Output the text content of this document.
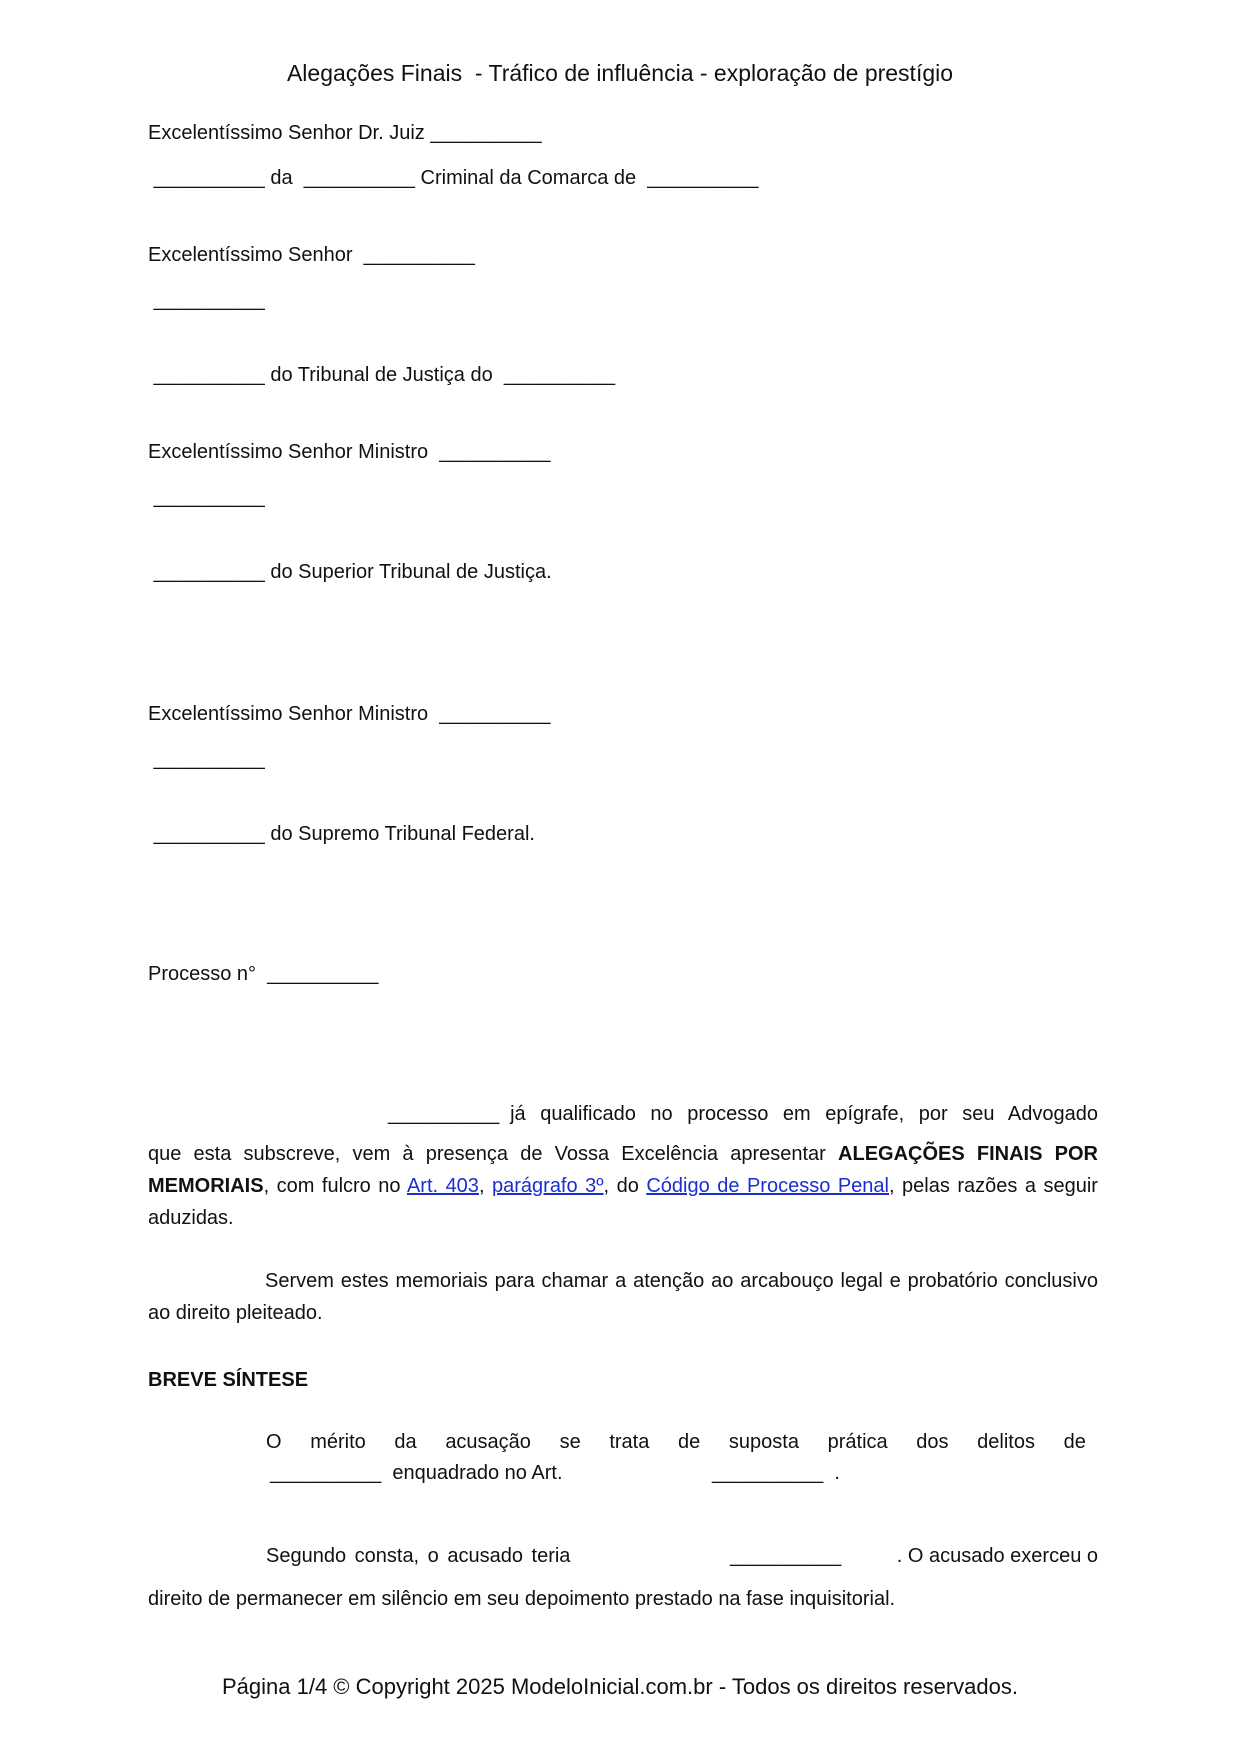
Alegações Finais  - Tráfico de influência - exploração de prestígio
Excelentíssimo Senhor Dr. Juiz __________
__________ da __________ Criminal da Comarca de __________
Excelentíssimo Senhor __________
__________
__________ do Tribunal de Justiça do __________
Excelentíssimo Senhor Ministro __________
__________
__________ do Superior Tribunal de Justiça.
Excelentíssimo Senhor Ministro __________
__________
__________ do Supremo Tribunal Federal.
Processo n° __________
__________ já qualificado no processo em epígrafe, por seu Advogado
que esta subscreve, vem à presença de Vossa Excelência apresentar ALEGAÇÕES FINAIS POR MEMORIAIS, com fulcro no Art. 403, parágrafo 3º, do Código de Processo Penal, pelas razões a seguir aduzidas.
Servem estes memoriais para chamar a atenção ao arcabouço legal e probatório conclusivo ao direito pleiteado.
BREVE SÍNTESE
O mérito da acusação se trata de suposta prática dos delitos de
__________ enquadrado no Art.	__________ .
Segundo consta, o acusado teria	__________	. O acusado exerceu o
direito de permanecer em silêncio em seu depoimento prestado na fase inquisitorial.
Página 1/4 © Copyright 2025 ModeloInicial.com.br - Todos os direitos reservados.
